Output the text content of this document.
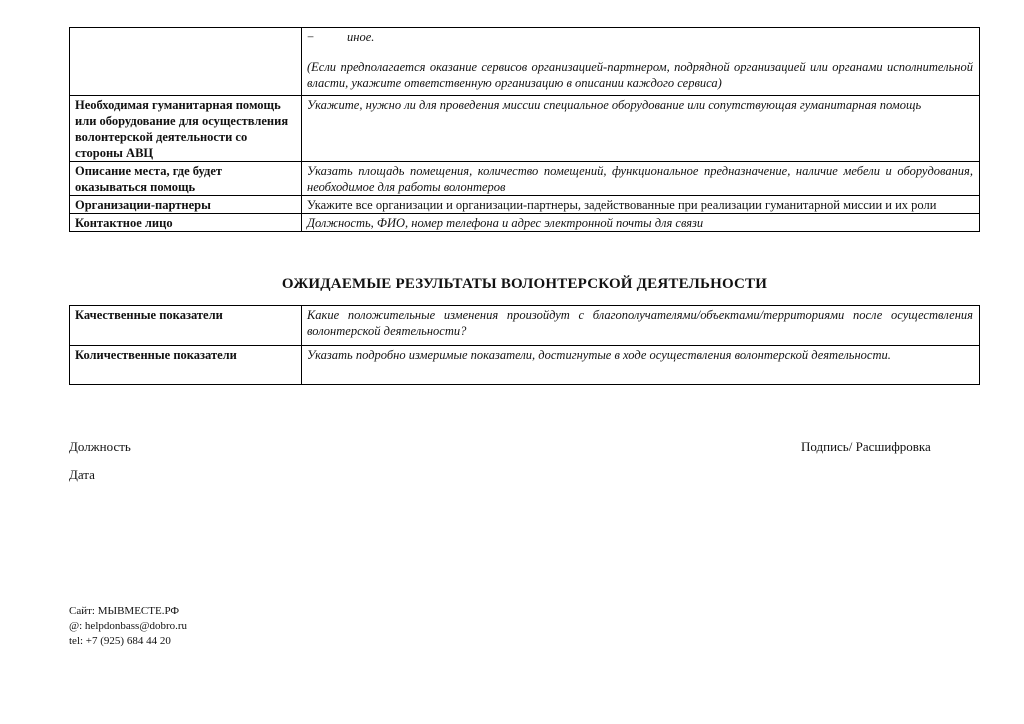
	− иное.
(Если предполагается оказание сервисов организацией-партнером, подрядной организацией или органами исполнительной власти, укажите ответственную организацию в описании каждого сервиса)

Необходимая гуманитарная помощь или оборудование для осуществления волонтерской деятельности со стороны АВЦ	Укажите, нужно ли для проведения миссии специальное оборудование или сопутствующая гуманитарная помощь
Описание места, где будет оказываться помощь	Указать площадь помещения, количество помещений, функциональное предназначение, наличие мебели и оборудования, необходимое для работы волонтеров
Организации-партнеры	Укажите все организации и организации-партнеры, задействованные при реализации гуманитарной миссии и их роли
Контактное лицо	Должность, ФИО, номер телефона и адрес электронной почты для связи
ОЖИДАЕМЫЕ РЕЗУЛЬТАТЫ ВОЛОНТЕРСКОЙ ДЕЯТЕЛЬНОСТИ
Качественные показатели	Какие положительные изменения произойдут с благополучателями/объектами/территориями после осуществления волонтерской деятельности?
Количественные показатели	Указать подробно измеримые показатели, достигнутые в ходе осуществления волонтерской деятельности.
Должность	Подпись/ Расшифровка
Дата
Сайт: МЫВМЕСТЕ.РФ
@: helpdonbass@dobro.ru
tel: +7 (925) 684 44 20
